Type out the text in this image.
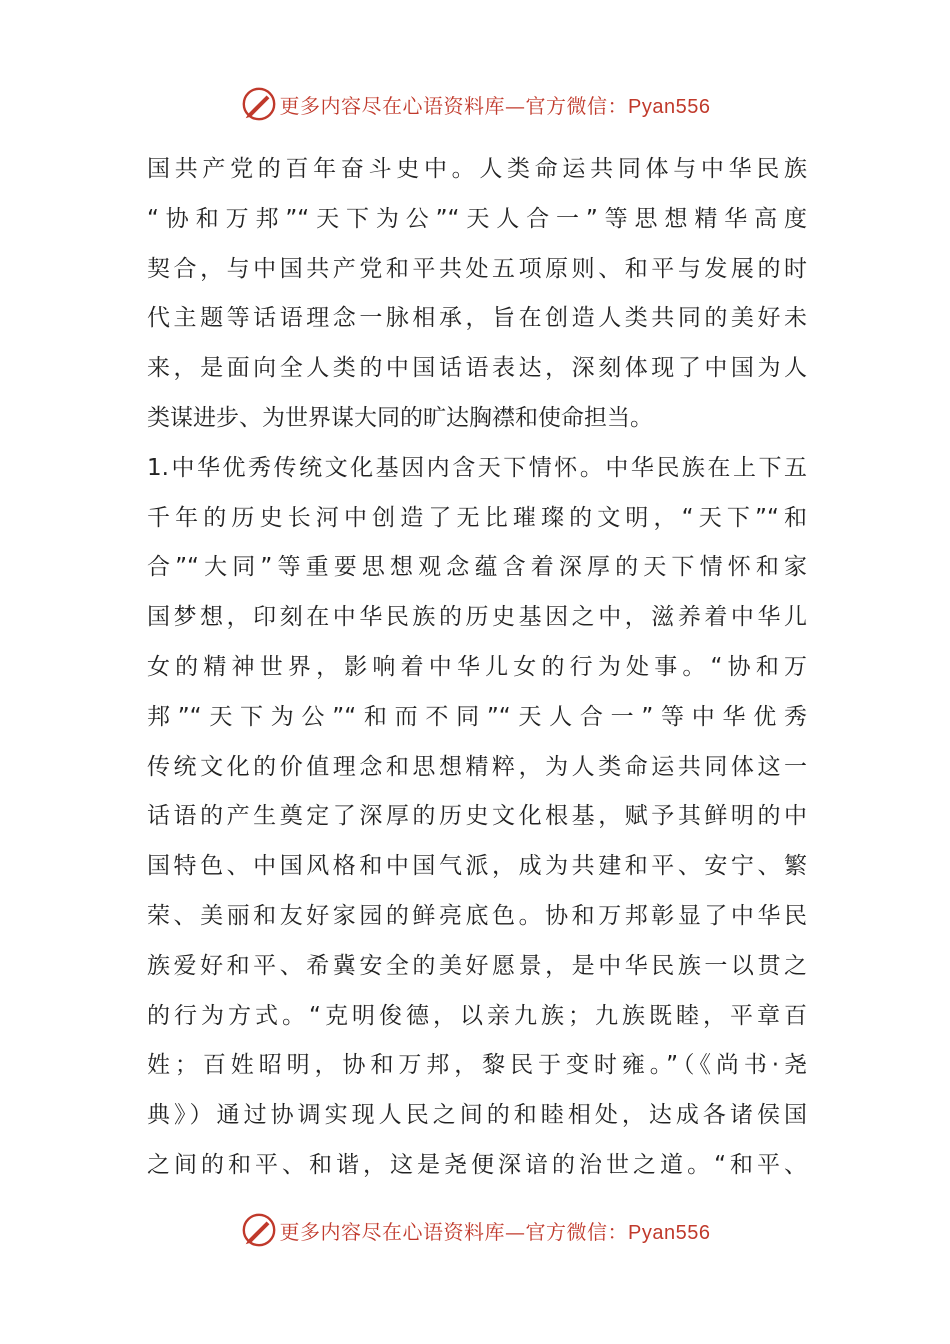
更多内容尽在心语资料库—官方微信：Pyan556
国共产党的百年奋斗史中。人类命运共同体与中华民族
“协和万邦”“天下为公”“天人合一”等思想精华高度
契合，与中国共产党和平共处五项原则、和平与发展的时
代主题等话语理念一脉相承，旨在创造人类共同的美好未
来，是面向全人类的中国话语表达，深刻体现了中国为人
类谋进步、为世界谋大同的旷达胸襟和使命担当。
1.中华优秀传统文化基因内含天下情怀。中华民族在上下五
千年的历史长河中创造了无比璀璨的文明，“天下”“和
合”“大同”等重要思想观念蕴含着深厚的天下情怀和家
国梦想，印刻在中华民族的历史基因之中，滋养着中华儿
女的精神世界，影响着中华儿女的行为处事。“协和万
邦”“天下为公”“和而不同”“天人合一”等中华优秀
传统文化的价值理念和思想精粹，为人类命运共同体这一
话语的产生奠定了深厚的历史文化根基，赋予其鲜明的中
国特色、中国风格和中国气派，成为共建和平、安宁、繁
荣、美丽和友好家园的鲜亮底色。协和万邦彰显了中华民
族爱好和平、希冀安全的美好愿景，是中华民族一以贯之
的行为方式。“克明俊德，以亲九族；九族既睦，平章百
姓；百姓昭明，协和万邦，黎民于变时雍。”（《尚书·尧
典》）通过协调实现人民之间的和睦相处，达成各诸侯国
之间的和平、和谐，这是尧便深谙的治世之道。“和平、
更多内容尽在心语资料库—官方微信：Pyan556
